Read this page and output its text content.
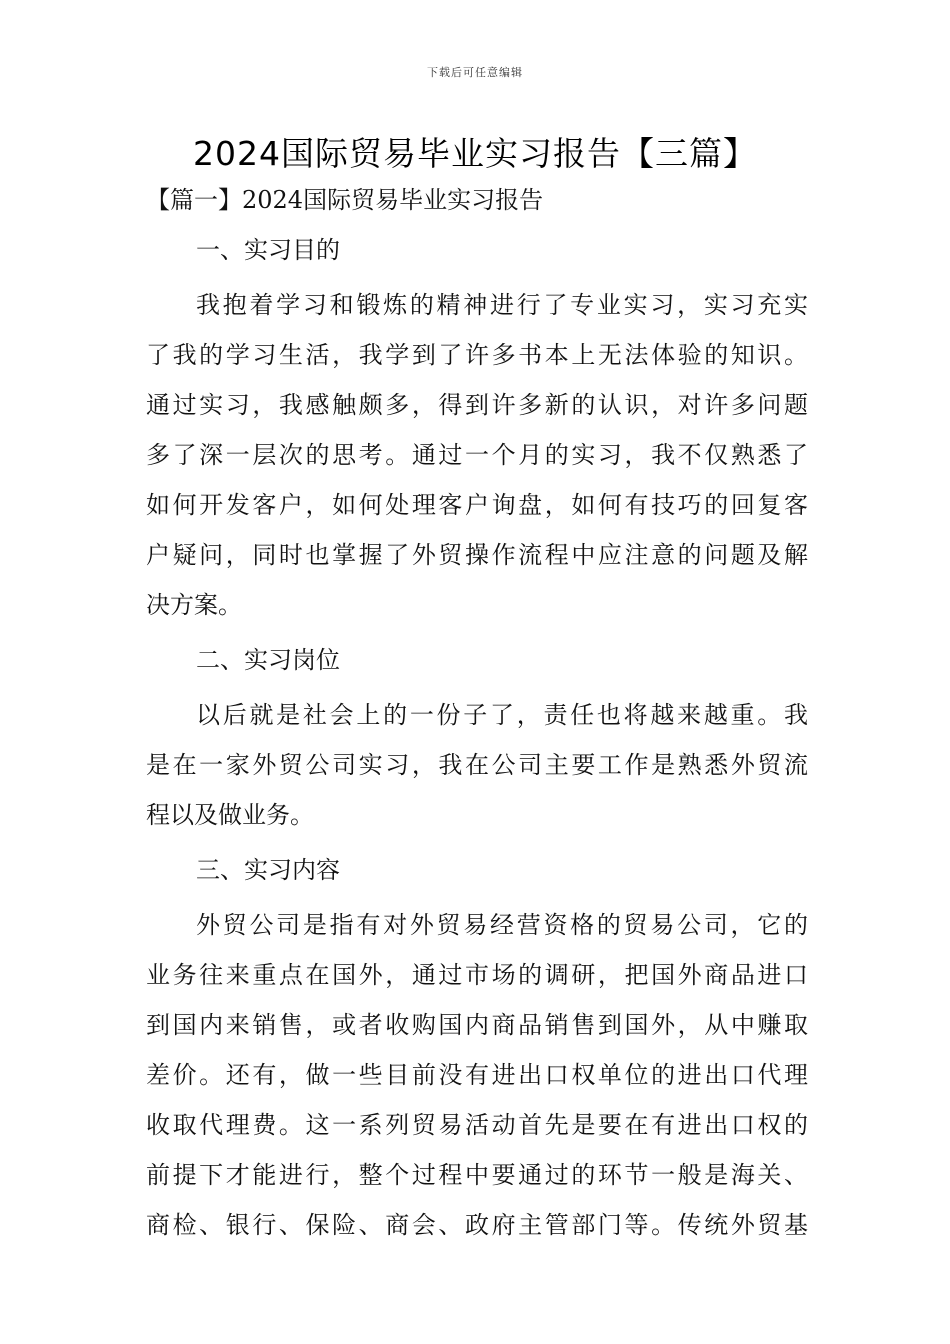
下载后可任意编辑
2024国际贸易毕业实习报告【三篇】
【篇一】2024国际贸易毕业实习报告
一、实习目的
我抱着学习和锻炼的精神进行了专业实习，实习充实
了我的学习生活，我学到了许多书本上无法体验的知识。
通过实习，我感触颇多，得到许多新的认识，对许多问题
多了深一层次的思考。通过一个月的实习，我不仅熟悉了
如何开发客户，如何处理客户询盘，如何有技巧的回复客
户疑问，同时也掌握了外贸操作流程中应注意的问题及解
决方案。
二、实习岗位
以后就是社会上的一份子了，责任也将越来越重。我
是在一家外贸公司实习，我在公司主要工作是熟悉外贸流
程以及做业务。
三、实习内容
外贸公司是指有对外贸易经营资格的贸易公司，它的
业务往来重点在国外，通过市场的调研，把国外商品进口
到国内来销售，或者收购国内商品销售到国外，从中赚取
差价。还有，做一些目前没有进出口权单位的进出口代理
收取代理费。这一系列贸易活动首先是要在有进出口权的
前提下才能进行，整个过程中要通过的环节一般是海关、
商检、银行、保险、商会、政府主管部门等。传统外贸基
